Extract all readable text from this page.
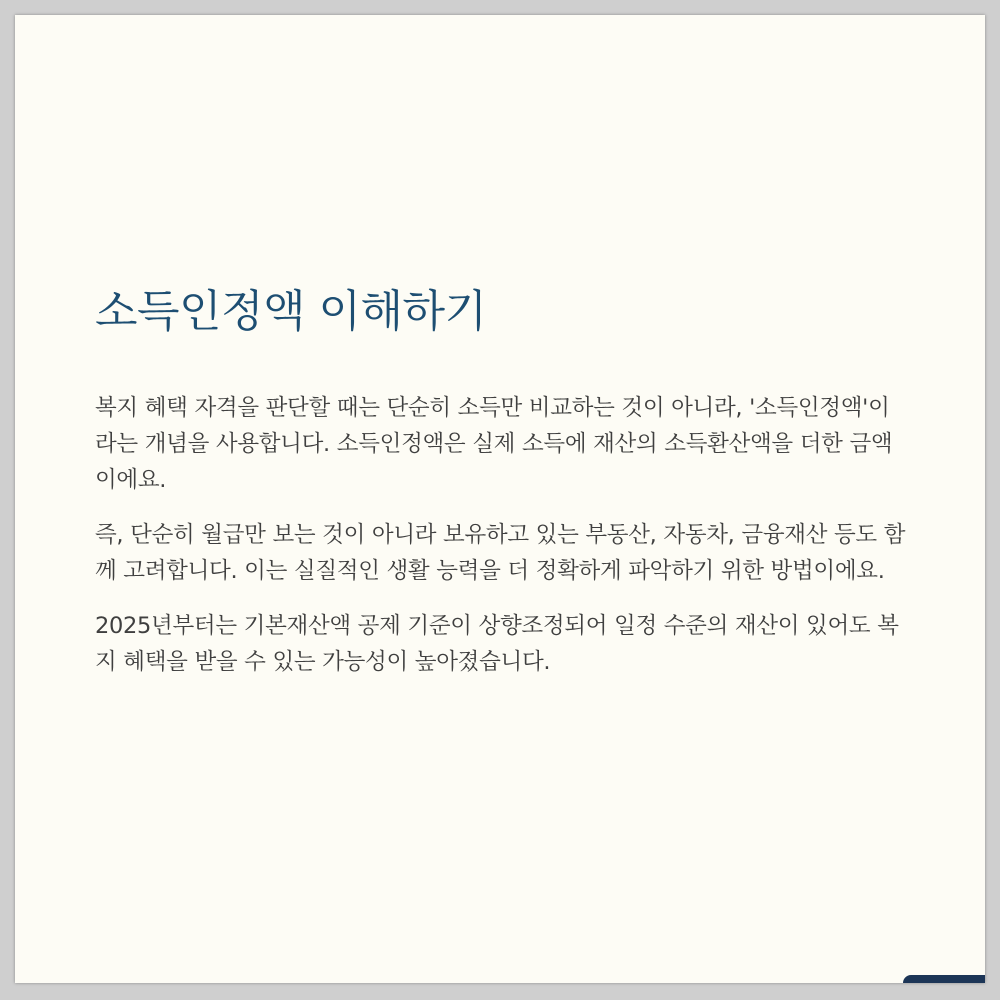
소득인정액 이해하기

복지 혜택 자격을 판단할 때는 단순히 소득만 비교하는 것이 아니라, '소득인정액'이라는 개념을 사용합니다. 소득인정액은 실제 소득에 재산의 소득환산액을 더한 금액이에요.

즉, 단순히 월급만 보는 것이 아니라 보유하고 있는 부동산, 자동차, 금융재산 등도 함께 고려합니다. 이는 실질적인 생활 능력을 더 정확하게 파악하기 위한 방법이에요.

2025년부터는 기본재산액 공제 기준이 상향조정되어 일정 수준의 재산이 있어도 복지 혜택을 받을 수 있는 가능성이 높아졌습니다.
